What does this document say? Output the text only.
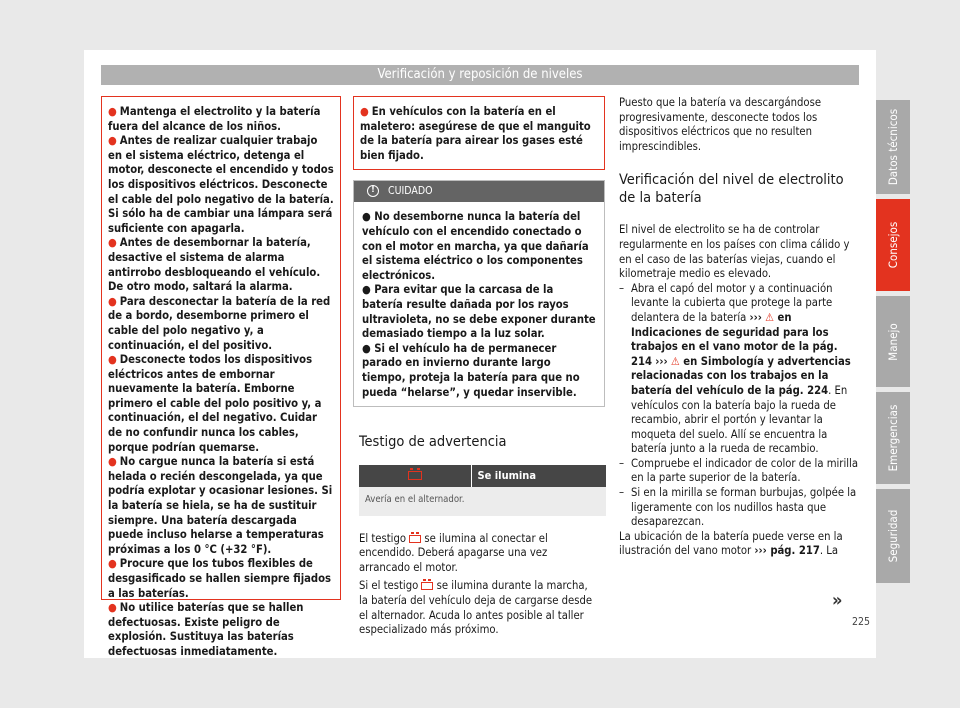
Verificación y reposición de niveles
● Mantenga el electrolito y la batería fuera del alcance de los niños.
● Antes de realizar cualquier trabajo en el sistema eléctrico, detenga el motor, desconecte el encendido y todos los dispositivos eléctricos. Desconecte el cable del polo negativo de la batería. Si sólo ha de cambiar una lámpara será suficiente con apagarla.
● Antes de desembornar la batería, desactive el sistema de alarma antirrobo desbloqueando el vehículo. De otro modo, saltará la alarma.
● Para desconectar la batería de la red de a bordo, desemborne primero el cable del polo negativo y, a continuación, el del positivo.
● Desconecte todos los dispositivos eléctricos antes de embornar nuevamente la batería. Emborne primero el cable del polo positivo y, a continuación, el del negativo. Cuidar de no confundir nunca los cables, porque podrían quemarse.
● No cargue nunca la batería si está helada o recién descongelada, ya que podría explotar y ocasionar lesiones. Si la batería se hiela, se ha de sustituir siempre. Una batería descargada puede incluso helarse a temperaturas próximas a los 0 °C (+32 °F).
● Procure que los tubos flexibles de desgasificado se hallen siempre fijados a las baterías.
● No utilice baterías que se hallen defectuosas. Existe peligro de explosión. Sustituya las baterías defectuosas inmediatamente.
● En vehículos con la batería en el maletero: asegúrese de que el manguito de la batería para airear los gases esté bien fijado.
!	CUIDADO
● No desemborne nunca la batería del vehículo con el encendido conectado o con el motor en marcha, ya que dañaría el sistema eléctrico o los componentes electrónicos.
● Para evitar que la carcasa de la batería resulte dañada por los rayos ultravioleta, no se debe exponer durante demasiado tiempo a la luz solar.
● Si el vehículo ha de permanecer parado en invierno durante largo tiempo, proteja la batería para que no pueda “helarse”, y quedar inservible.
Testigo de advertencia
	Se ilumina
Avería en el alternador.

El testigo  se ilumina al conectar el encendido. Deberá apagarse una vez arrancado el motor.

Si el testigo  se ilumina durante la marcha, la batería del vehículo deja de cargarse desde el alternador. Acuda lo antes posible al taller especializado más próximo.

Puesto que la batería va descargándose progresivamente, desconecte todos los dispositivos eléctricos que no resulten imprescindibles.

Verificación del nivel de electrolito de la batería

El nivel de electrolito se ha de controlar regularmente en los países con clima cálido y en el caso de las baterías viejas, cuando el kilometraje medio es elevado.

– Abra el capó del motor y a continuación levante la cubierta que protege la parte delantera de la batería ››› ⚠ en Indicaciones de seguridad para los trabajos en el vano motor de la pág. 214 ››› ⚠ en Simbología y advertencias relacionadas con los trabajos en la batería del vehículo de la pág. 224. En vehículos con la batería bajo la rueda de recambio, abrir el portón y levantar la moqueta del suelo. Allí se encuentra la batería junto a la rueda de recambio.
– Compruebe el indicador de color de la mirilla en la parte superior de la batería.
– Si en la mirilla se forman burbujas, golpée la ligeramente con los nudillos hasta que desaparezcan.

La ubicación de la batería puede verse en la ilustración del vano motor ››› pág. 217. La

»
Datos técnicos
Consejos
Manejo
Emergencias
Seguridad
225
